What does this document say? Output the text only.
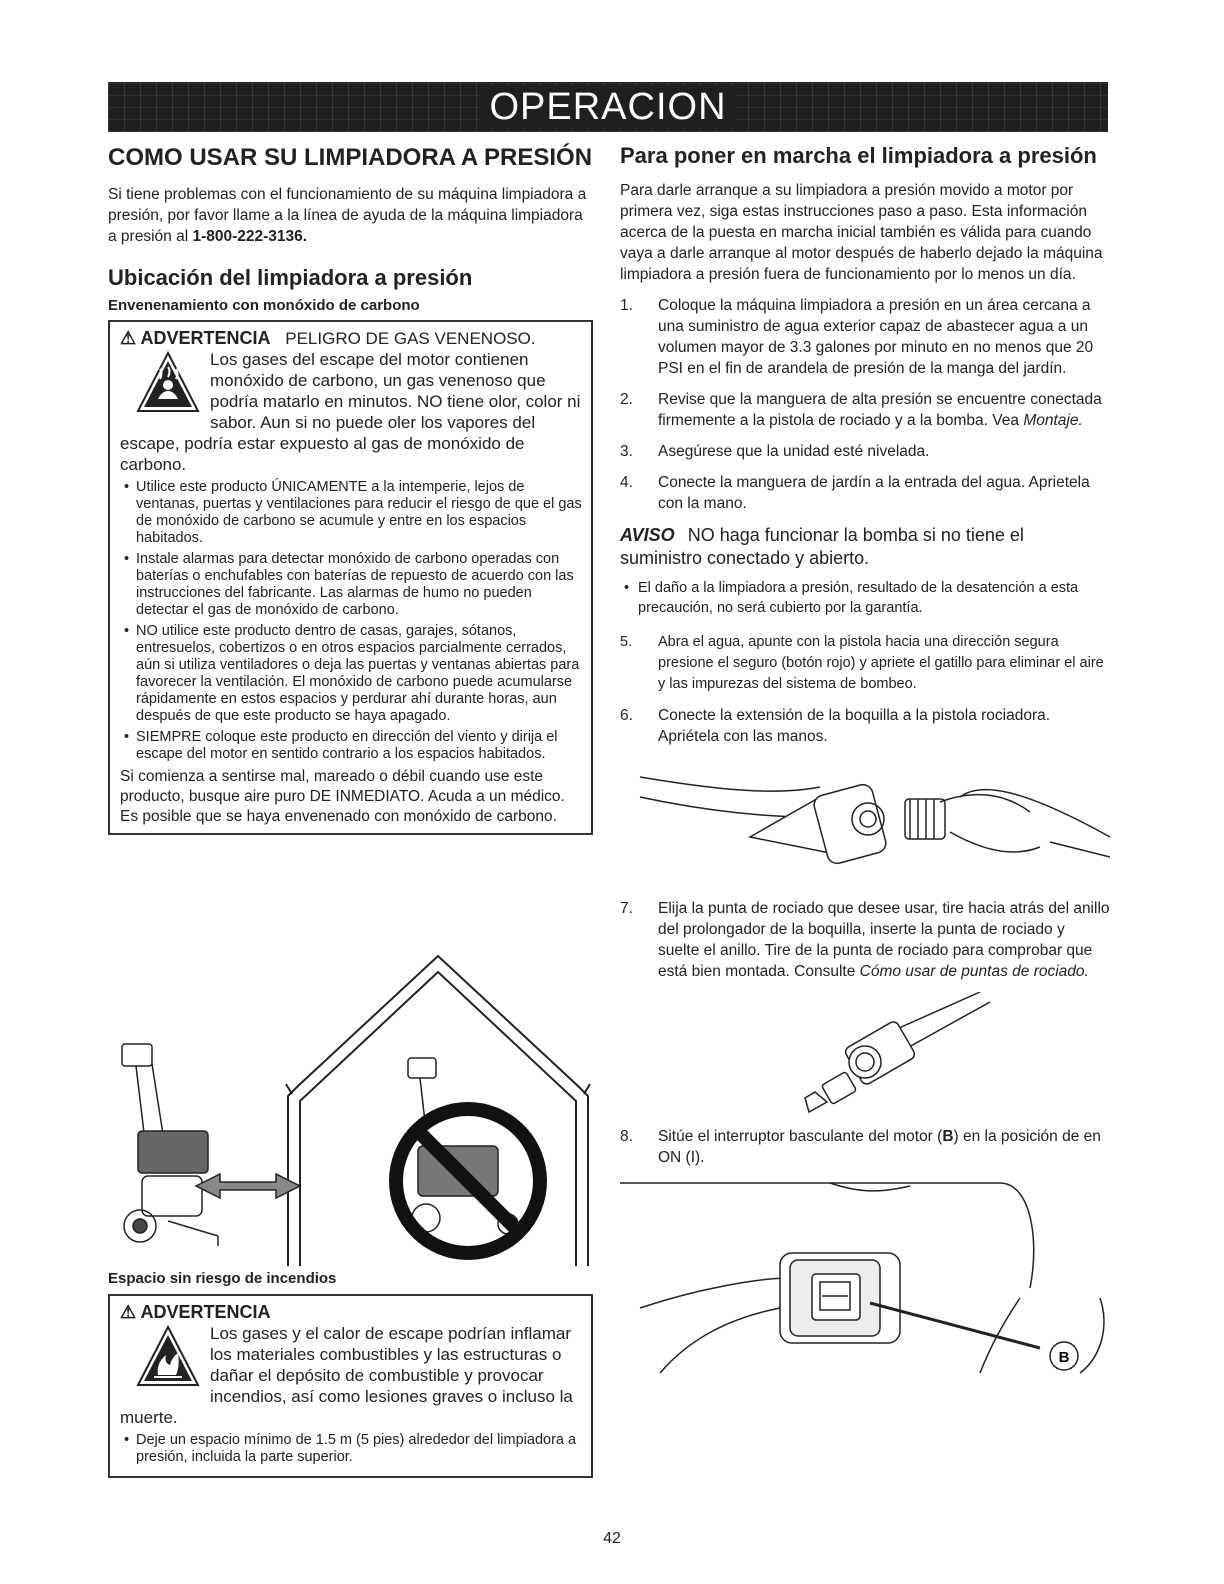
OPERACION
COMO USAR SU LIMPIADORA A PRESIÓN

Si tiene problemas con el funcionamiento de su máquina limpiadora a presión, por favor llame a la línea de ayuda de la máquina limpiadora a presión al 1-800-222-3136.

Ubicación del limpiadora a presión
Envenenamiento con monóxido de carbono
⚠ ADVERTENCIA PELIGRO DE GAS VENENOSO.

Los gases del escape del motor contienen monóxido de carbono, un gas venenoso que podría matarlo en minutos. NO tiene olor, color ni sabor. Aun si no puede oler los vapores del escape, podría estar expuesto al gas de monóxido de carbono.

• Utilice este producto ÚNICAMENTE a la intemperie, lejos de ventanas, puertas y ventilaciones para reducir el riesgo de que el gas de monóxido de carbono se acumule y entre en los espacios habitados.
• Instale alarmas para detectar monóxido de carbono operadas con baterías o enchufables con baterías de repuesto de acuerdo con las instrucciones del fabricante. Las alarmas de humo no pueden detectar el gas de monóxido de carbono.
• NO utilice este producto dentro de casas, garajes, sótanos, entresuelos, cobertizos o en otros espacios parcialmente cerrados, aún si utiliza ventiladores o deja las puertas y ventanas abiertas para favorecer la ventilación. El monóxido de carbono puede acumularse rápidamente en estos espacios y perdurar ahí durante horas, aun después de que este producto se haya apagado.
• SIEMPRE coloque este producto en dirección del viento y dirija el escape del motor en sentido contrario a los espacios habitados.

Si comienza a sentirse mal, mareado o débil cuando use este producto, busque aire puro DE INMEDIATO. Acuda a un médico. Es posible que se haya envenenado con monóxido de carbono.

Espacio sin riesgo de incendios
⚠ ADVERTENCIA

Los gases y el calor de escape podrían inflamar los materiales combustibles y las estructuras o dañar el depósito de combustible y provocar incendios, así como lesiones graves o incluso la muerte.

• Deje un espacio mínimo de 1.5 m (5 pies) alrededor del limpiadora a presión, incluida la parte superior.
Para poner en marcha el limpiadora a presión

Para darle arranque a su limpiadora a presión movido a motor por primera vez, siga estas instrucciones paso a paso. Esta información acerca de la puesta en marcha inicial también es válida para cuando vaya a darle arranque al motor después de haberlo dejado la máquina limpiadora a presión fuera de funcionamiento por lo menos un día.

1. Coloque la máquina limpiadora a presión en un área cercana a una suministro de agua exterior capaz de abastecer agua a un volumen mayor de 3.3 galones por minuto en no menos que 20 PSI en el fin de arandela de presión de la manga del jardín.
2. Revise que la manguera de alta presión se encuentre conectada firmemente a la pistola de rociado y a la bomba. Vea Montaje.
3. Asegúrese que la unidad esté nivelada.
4. Conecte la manguera de jardín a la entrada del agua. Aprietela con la mano.

AVISO NO haga funcionar la bomba si no tiene el suministro conectado y abierto.

• El daño a la limpiadora a presión, resultado de la desatención a esta precaución, no será cubierto por la garantía.
5. Abra el agua, apunte con la pistola hacia una dirección segura presione el seguro (botón rojo) y apriete el gatillo para eliminar el aire y las impurezas del sistema de bombeo.
6. Conecte la extensión de la boquilla a la pistola rociadora. Apriétela con las manos.
7. Elija la punta de rociado que desee usar, tire hacia atrás del anillo del prolongador de la boquilla, inserte la punta de rociado y suelte el anillo. Tire de la punta de rociado para comprobar que está bien montada. Consulte Cómo usar de puntas de rociado.
8. Sitúe el interruptor basculante del motor (B) en la posición de en ON (I).
B
42
